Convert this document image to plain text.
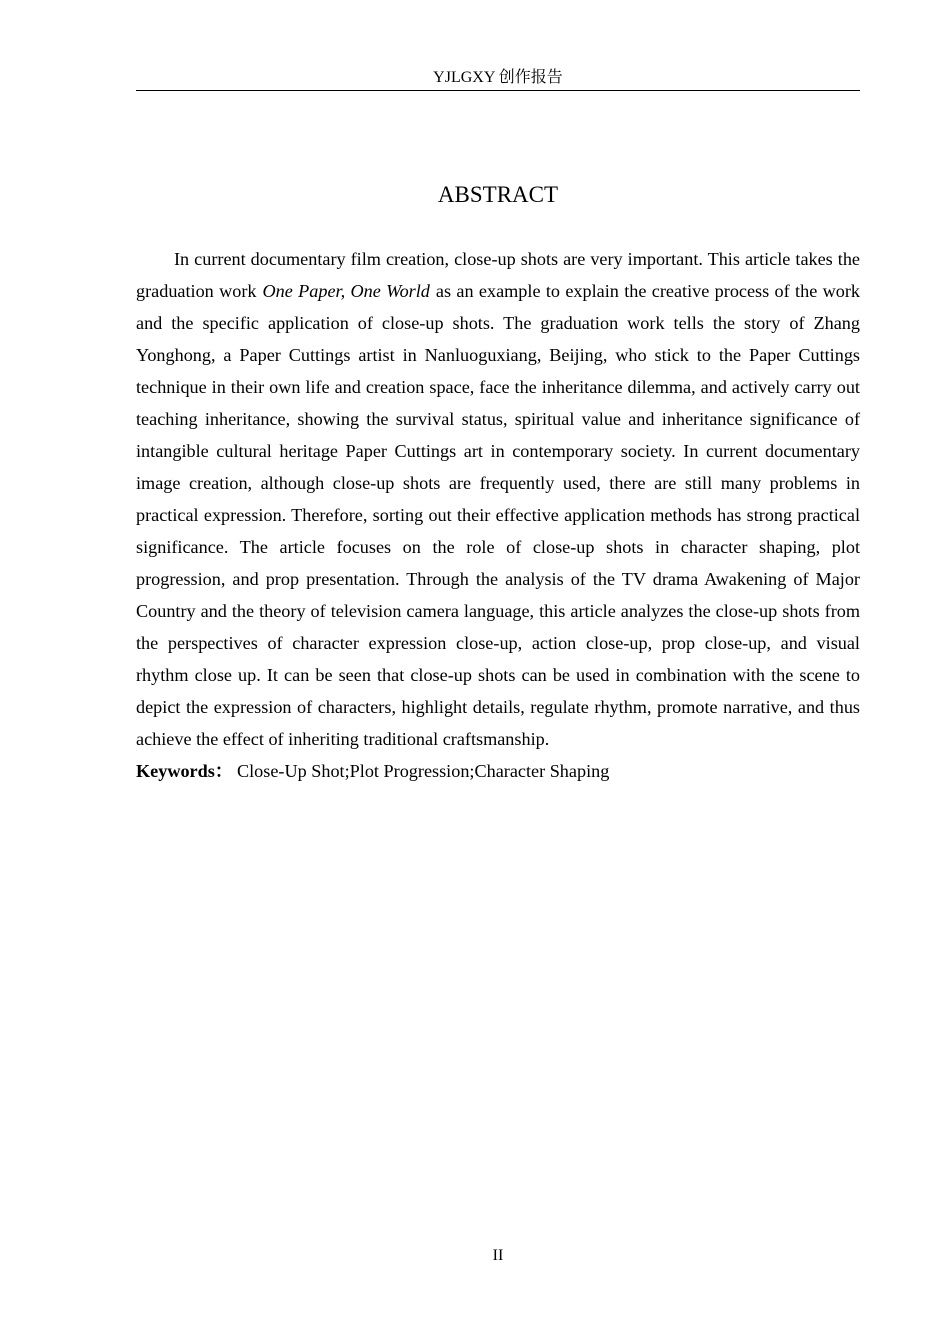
YJLGXY 创作报告
ABSTRACT

In current documentary film creation, close-up shots are very important. This article takes the graduation work One Paper, One World as an example to explain the creative process of the work and the specific application of close-up shots. The graduation work tells the story of Zhang Yonghong, a Paper Cuttings artist in Nanluoguxiang, Beijing, who stick to the Paper Cuttings technique in their own life and creation space, face the inheritance dilemma, and actively carry out teaching inheritance, showing the survival status, spiritual value and inheritance significance of intangible cultural heritage Paper Cuttings art in contemporary society. In current documentary image creation, although close-up shots are frequently used, there are still many problems in practical expression. Therefore, sorting out their effective application methods has strong practical significance. The article focuses on the role of close-up shots in character shaping, plot progression, and prop presentation. Through the analysis of the TV drama Awakening of Major Country and the theory of television camera language, this article analyzes the close-up shots from the perspectives of character expression close-up, action close-up, prop close-up, and visual rhythm close up. It can be seen that close-up shots can be used in combination with the scene to depict the expression of characters, highlight details, regulate rhythm, promote narrative, and thus achieve the effect of inheriting traditional craftsmanship.

Keywords： Close-Up Shot;Plot Progression;Character Shaping
II
